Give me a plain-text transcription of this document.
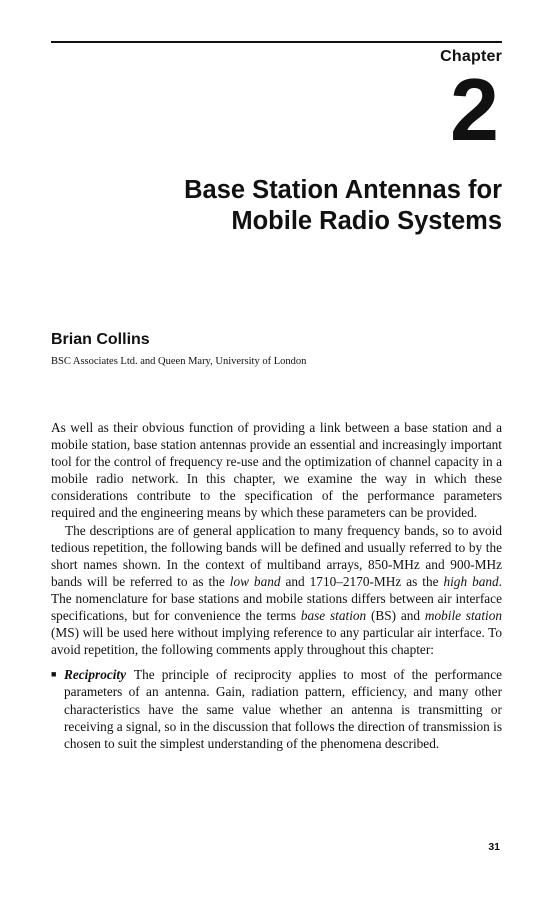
Chapter
2
Base Station Antennas for
Mobile Radio Systems
Brian Collins
BSC Associates Ltd. and Queen Mary, University of London

As well as their obvious function of providing a link between a base station and a mobile station, base station antennas provide an essential and increasingly important tool for the control of frequency re-use and the optimization of channel capacity in a mobile radio network. In this chapter, we examine the way in which these considerations contribute to the specification of the performance parameters required and the engineering means by which these parameters can be provided.

The descriptions are of general application to many frequency bands, so to avoid tedious repetition, the following bands will be defined and usually referred to by the short names shown. In the context of multiband arrays, 850-MHz and 900-MHz bands will be referred to as the low band and 1710–2170-MHz as the high band. The nomenclature for base stations and mobile stations differs between air interface specifications, but for convenience the terms base station (BS) and mobile station (MS) will be used here without implying reference to any particular air interface. To avoid repetition, the following comments apply throughout this chapter:

■ Reciprocity The principle of reciprocity applies to most of the performance parameters of an antenna. Gain, radiation pattern, efficiency, and many other characteristics have the same value whether an antenna is transmitting or receiving a signal, so in the discussion that follows the direction of transmission is chosen to suit the simplest understanding of the phenomena described.
31
